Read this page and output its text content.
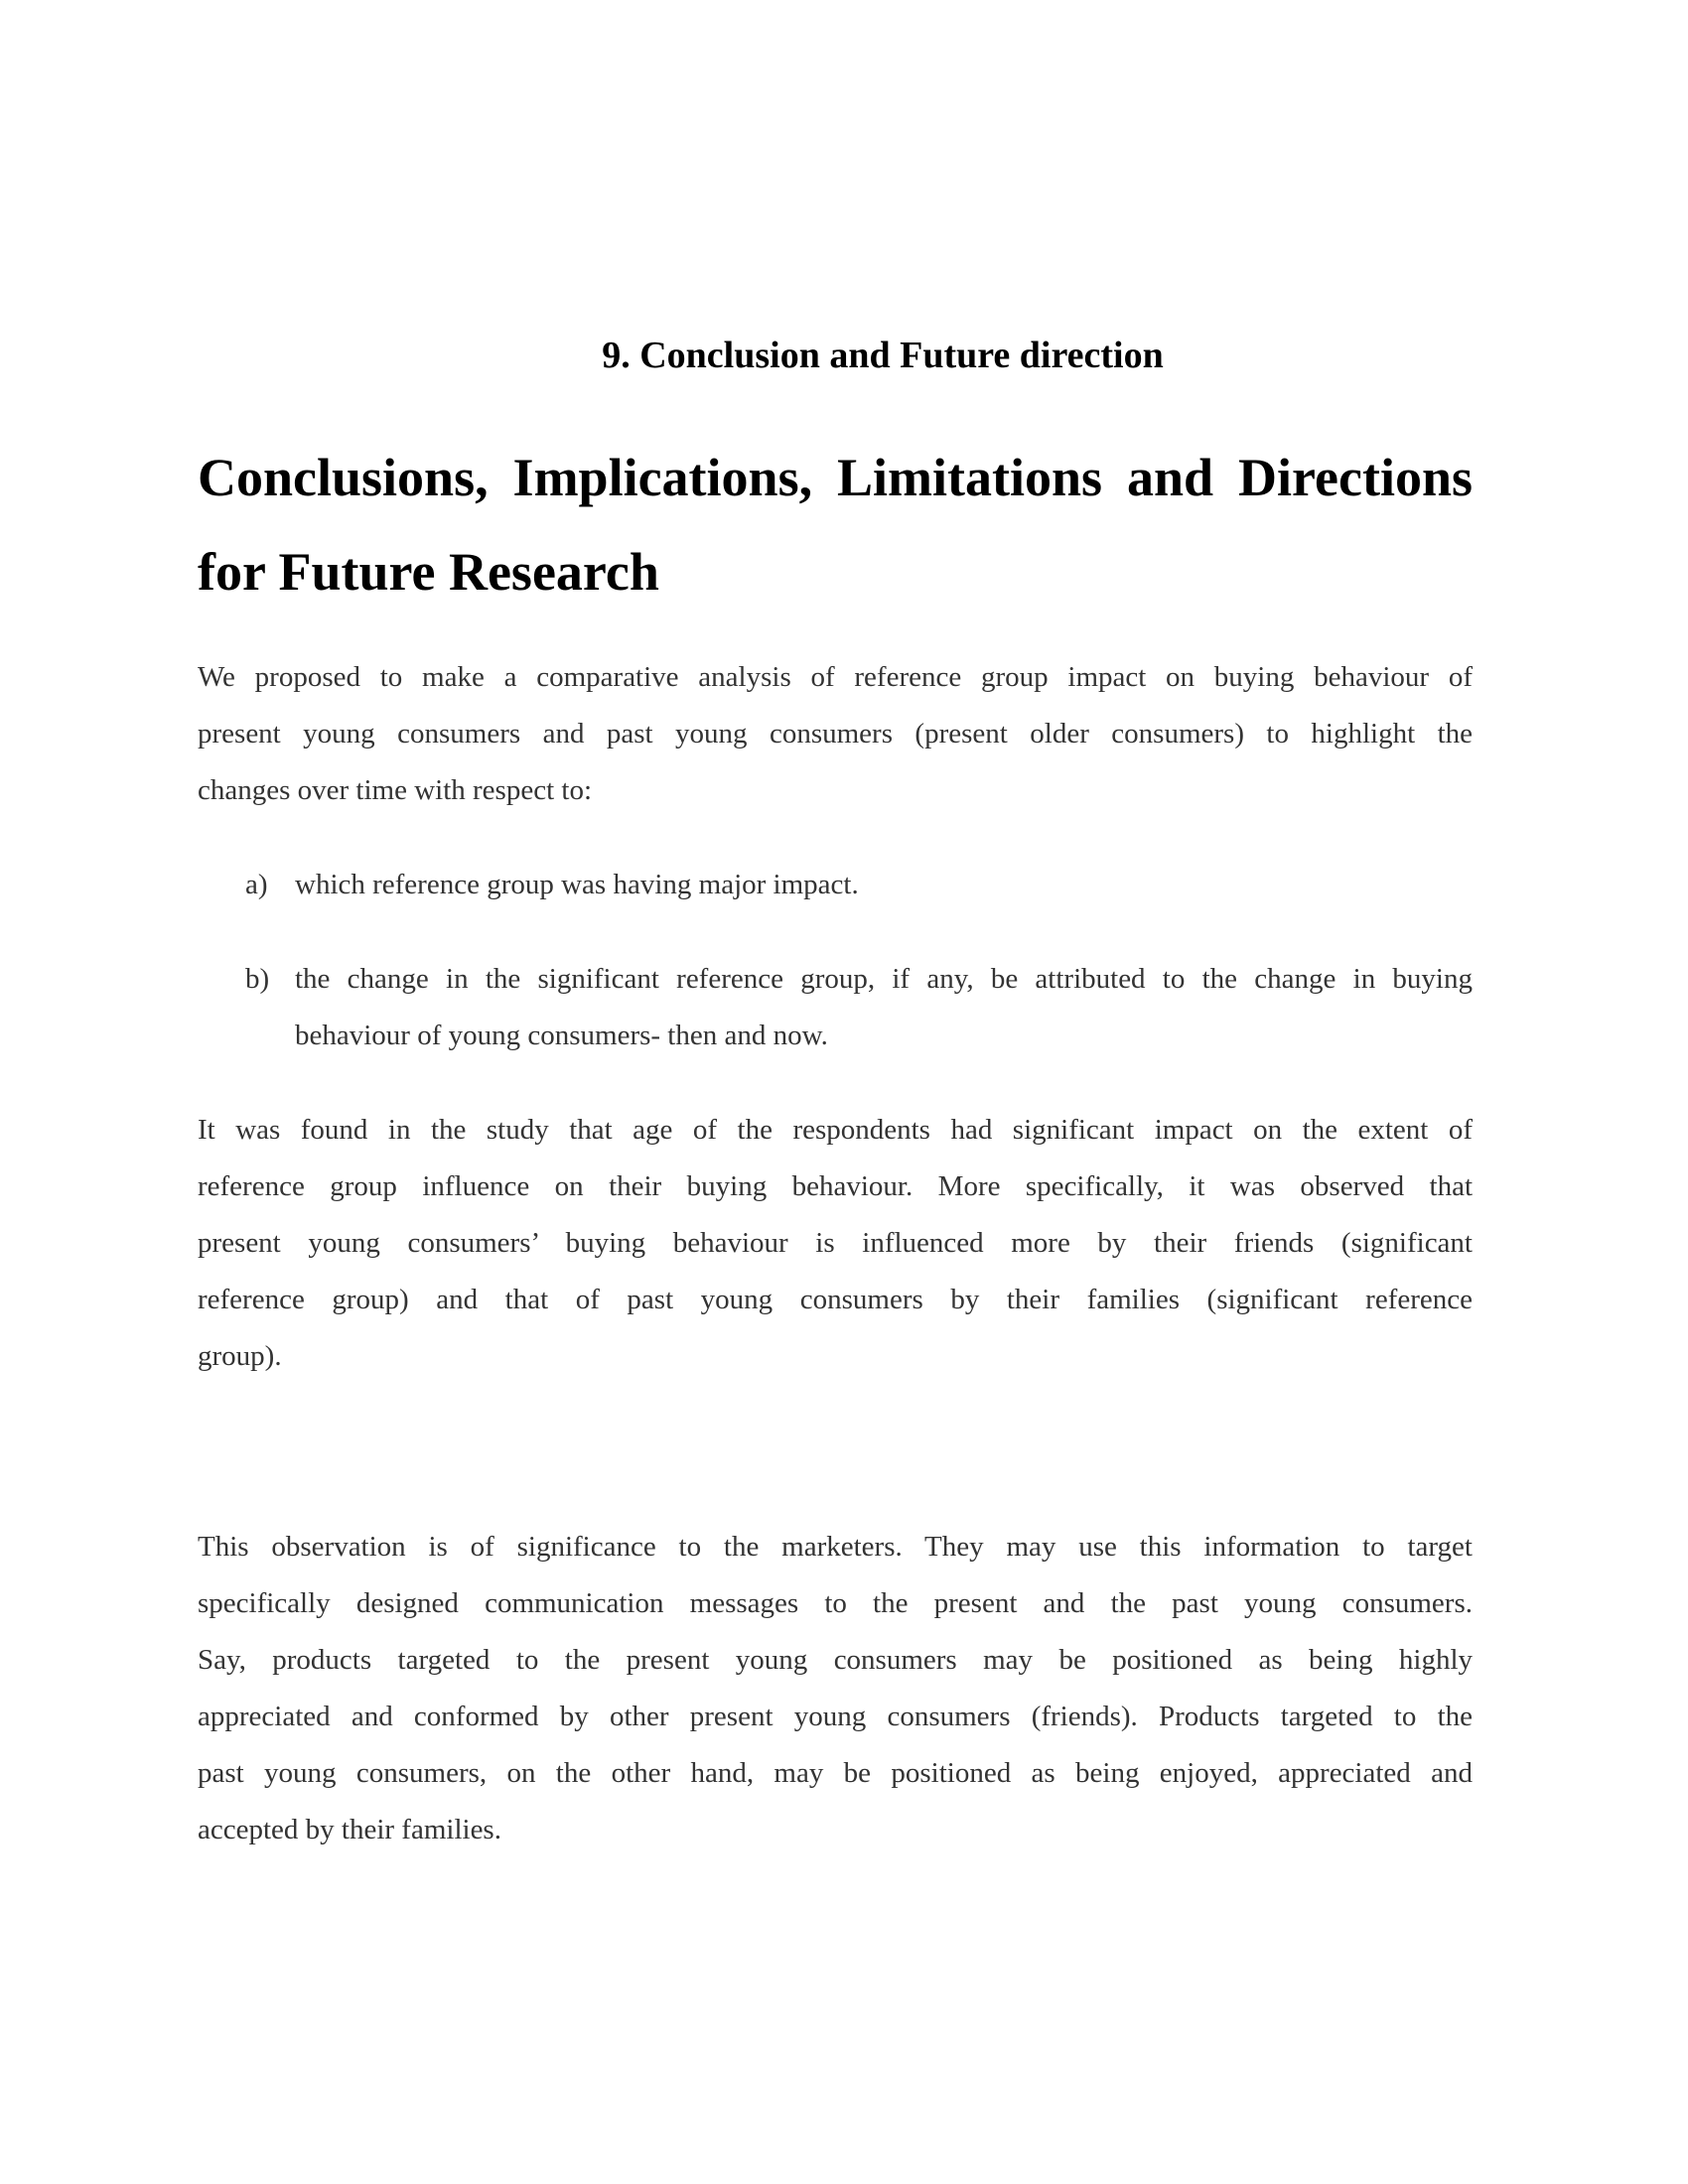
9. Conclusion and Future direction
Conclusions, Implications, Limitations and Directions
for Future Research

We proposed to make a comparative analysis of reference group impact on buying behaviour of
present young consumers and past young consumers (present older consumers) to highlight the
changes over time with respect to:

a) which reference group was having major impact.
b) the change in the significant reference group, if any, be attributed to the change in buying
behaviour of young consumers- then and now.

It was found in the study that age of the respondents had significant impact on the extent of
reference group influence on their buying behaviour. More specifically, it was observed that
present young consumers’ buying behaviour is influenced more by their friends (significant
reference group) and that of past young consumers by their families (significant reference
group).

This observation is of significance to the marketers. They may use this information to target
specifically designed communication messages to the present and the past young consumers.
Say, products targeted to the present young consumers may be positioned as being highly
appreciated and conformed by other present young consumers (friends). Products targeted to the
past young consumers, on the other hand, may be positioned as being enjoyed, appreciated and
accepted by their families.
